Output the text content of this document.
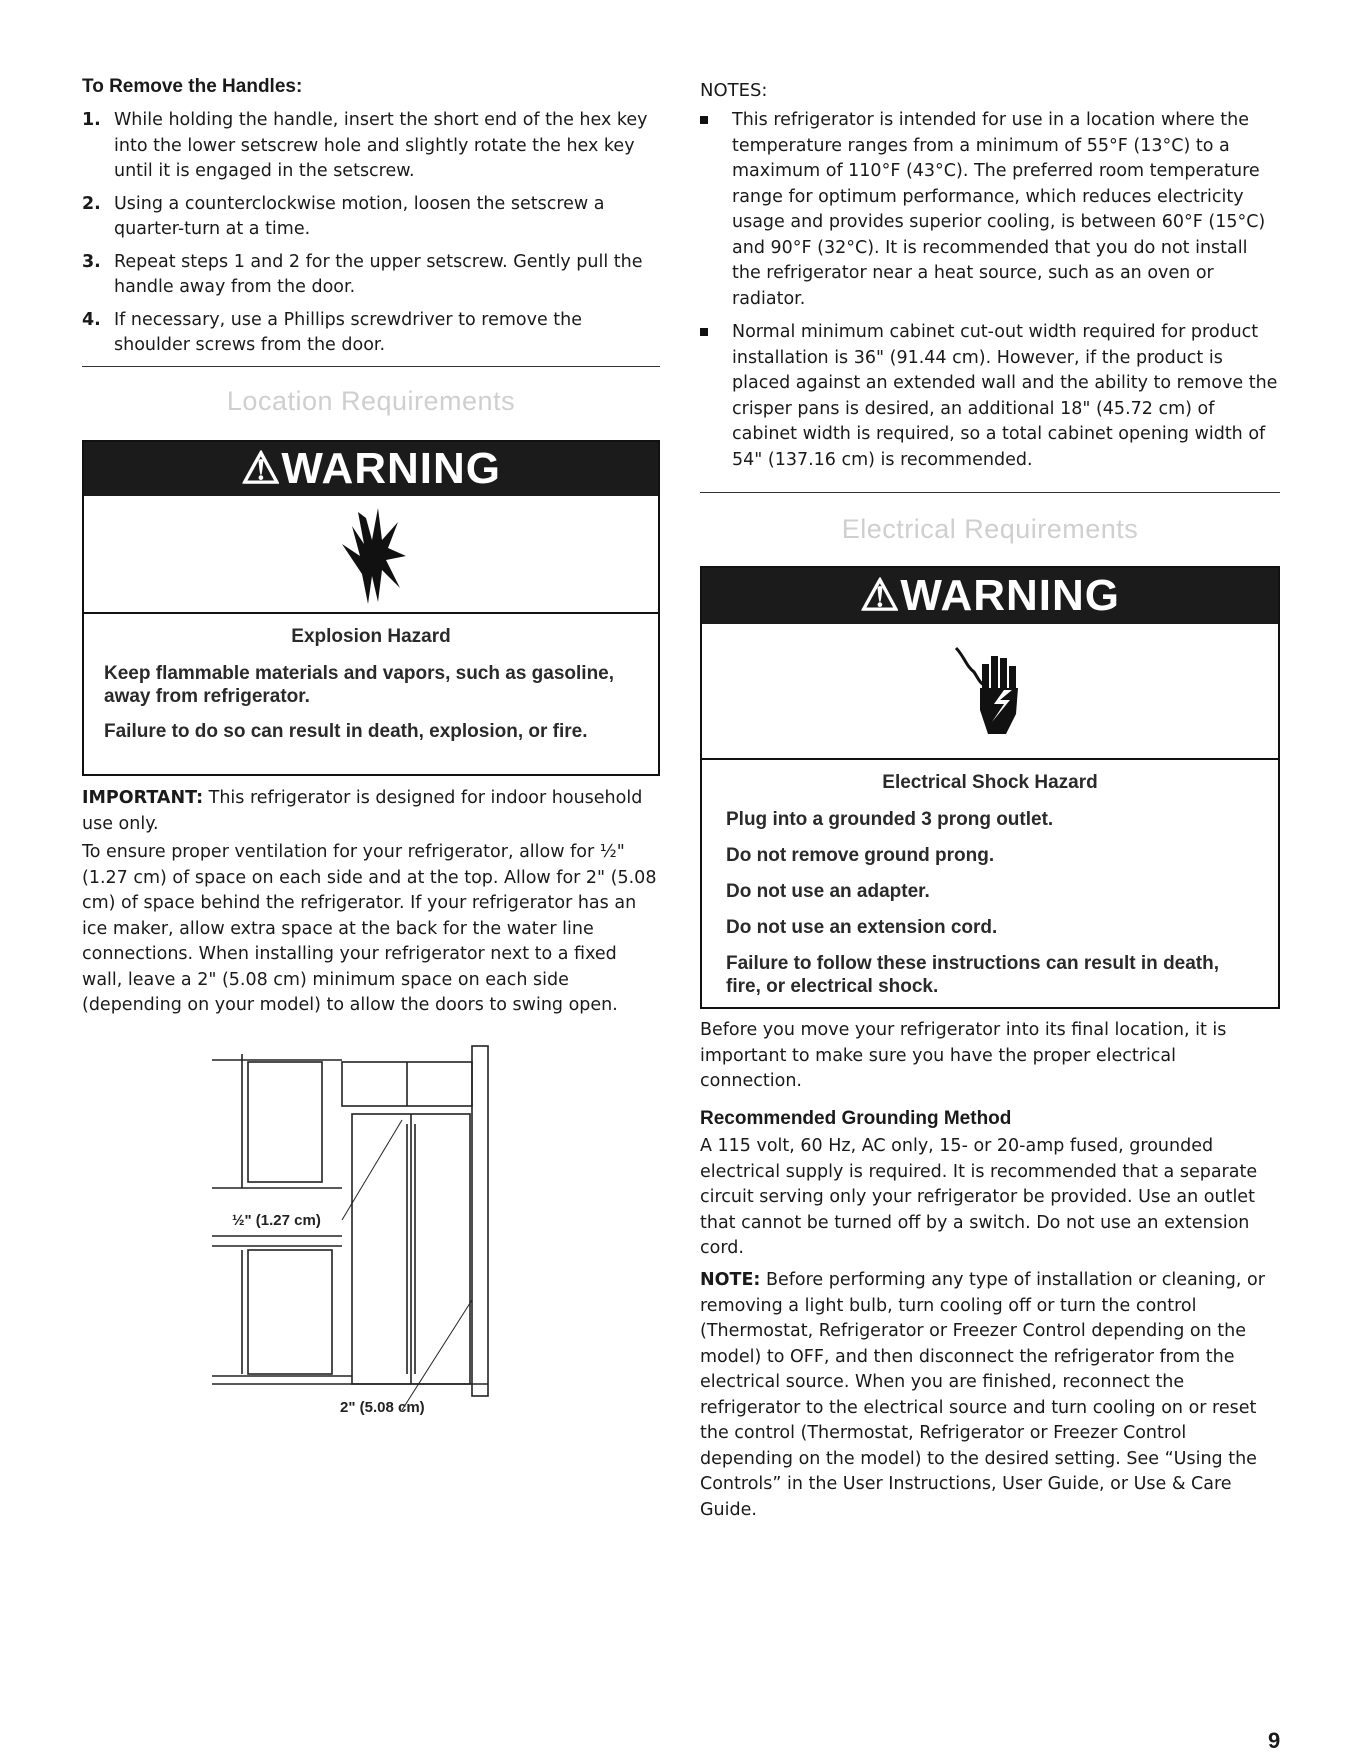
To Remove the Handles:
1. While holding the handle, insert the short end of the hex key into the lower setscrew hole and slightly rotate the hex key until it is engaged in the setscrew.
2. Using a counterclockwise motion, loosen the setscrew a quarter-turn at a time.
3. Repeat steps 1 and 2 for the upper setscrew. Gently pull the handle away from the door.
4. If necessary, use a Phillips screwdriver to remove the shoulder screws from the door.
Location Requirements
⚠WARNING
Explosion Hazard

Keep flammable materials and vapors, such as gasoline, away from refrigerator.

Failure to do so can result in death, explosion, or fire.

IMPORTANT: This refrigerator is designed for indoor household use only.

To ensure proper ventilation for your refrigerator, allow for ½" (1.27 cm) of space on each side and at the top. Allow for 2" (5.08 cm) of space behind the refrigerator. If your refrigerator has an ice maker, allow extra space at the back for the water line connections. When installing your refrigerator next to a fixed wall, leave a 2" (5.08 cm) minimum space on each side (depending on your model) to allow the doors to swing open.

½" (1.27 cm)
2" (5.08 cm)
NOTES:
This refrigerator is intended for use in a location where the temperature ranges from a minimum of 55°F (13°C) to a maximum of 110°F (43°C). The preferred room temperature range for optimum performance, which reduces electricity usage and provides superior cooling, is between 60°F (15°C) and 90°F (32°C). It is recommended that you do not install the refrigerator near a heat source, such as an oven or radiator.
Normal minimum cabinet cut-out width required for product installation is 36" (91.44 cm). However, if the product is placed against an extended wall and the ability to remove the crisper pans is desired, an additional 18" (45.72 cm) of cabinet width is required, so a total cabinet opening width of 54" (137.16 cm) is recommended.
Electrical Requirements
⚠WARNING
Electrical Shock Hazard

Plug into a grounded 3 prong outlet.

Do not remove ground prong.

Do not use an adapter.

Do not use an extension cord.

Failure to follow these instructions can result in death, fire, or electrical shock.

Before you move your refrigerator into its final location, it is important to make sure you have the proper electrical connection.

Recommended Grounding Method

A 115 volt, 60 Hz, AC only, 15- or 20-amp fused, grounded electrical supply is required. It is recommended that a separate circuit serving only your refrigerator be provided. Use an outlet that cannot be turned off by a switch. Do not use an extension cord.

NOTE: Before performing any type of installation or cleaning, or removing a light bulb, turn cooling off or turn the control (Thermostat, Refrigerator or Freezer Control depending on the model) to OFF, and then disconnect the refrigerator from the electrical source. When you are finished, reconnect the refrigerator to the electrical source and turn cooling on or reset the control (Thermostat, Refrigerator or Freezer Control depending on the model) to the desired setting. See “Using the Controls” in the User Instructions, User Guide, or Use & Care Guide.

9
